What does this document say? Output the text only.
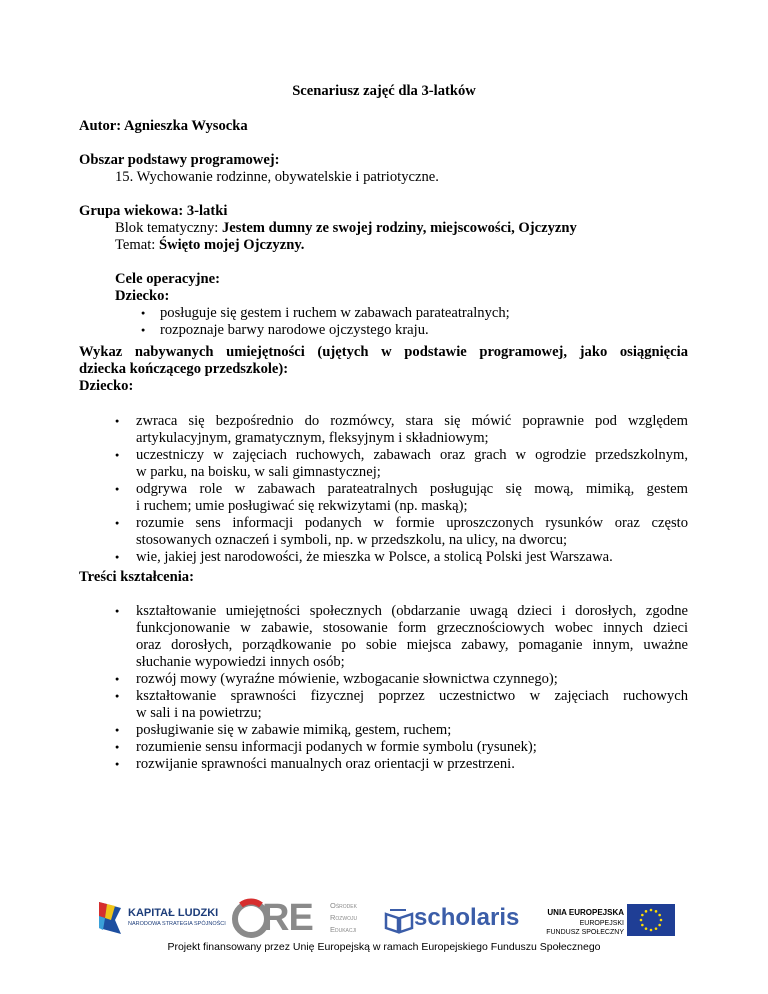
Scenariusz zajęć dla 3-latków
Autor: Agnieszka Wysocka
Obszar podstawy programowej:
15. Wychowanie rodzinne, obywatelskie i patriotyczne.
Grupa wiekowa: 3-latki
Blok tematyczny: Jestem dumny ze swojej rodziny, miejscowości, Ojczyzny
Temat: Święto mojej Ojczyzny.
Cele operacyjne:
Dziecko:
● posługuje się gestem i ruchem w zabawach parateatralnych;
● rozpoznaje barwy narodowe ojczystego kraju.
Wykaz nabywanych umiejętności (ujętych w podstawie programowej, jako osiągnięcia
dziecka kończącego przedszkole):
Dziecko:
● zwraca się bezpośrednio do rozmówcy, stara się mówić poprawnie pod względem
artykulacyjnym, gramatycznym, fleksyjnym i składniowym;
● uczestniczy w zajęciach ruchowych, zabawach oraz grach w ogrodzie przedszkolnym,
w parku, na boisku, w sali gimnastycznej;
● odgrywa role w zabawach parateatralnych posługując się mową, mimiką, gestem
i ruchem; umie posługiwać się rekwizytami (np. maską);
● rozumie sens informacji podanych w formie uproszczonych rysunków oraz często
stosowanych oznaczeń i symboli, np. w przedszkolu, na ulicy, na dworcu;
● wie, jakiej jest narodowości, że mieszka w Polsce, a stolicą Polski jest Warszawa.
Treści kształcenia:
● kształtowanie umiejętności społecznych (obdarzanie uwagą dzieci i dorosłych, zgodne
funkcjonowanie w zabawie, stosowanie form grzecznościowych wobec innych dzieci
oraz dorosłych, porządkowanie po sobie miejsca zabawy, pomaganie innym, uważne
słuchanie wypowiedzi innych osób;
● rozwój mowy (wyraźne mówienie, wzbogacanie słownictwa czynnego);
● kształtowanie sprawności fizycznej poprzez uczestnictwo w zajęciach ruchowych
w sali i na powietrzu;
● posługiwanie się w zabawie mimiką, gestem, ruchem;
● rozumienie sensu informacji podanych w formie symbolu (rysunek);
● rozwijanie sprawności manualnych oraz orientacji w przestrzeni.
KAPITAŁ LUDZKI
NARODOWA STRATEGIA SPÓJNOŚCI RE Ośrodek
Rozwoju
Edukacji scholaris	UNIA EUROPEJSKA
EUROPEJSKI
FUNDUSZ SPOŁECZNY
Projekt finansowany przez Unię Europejską w ramach Europejskiego Funduszu Społecznego
